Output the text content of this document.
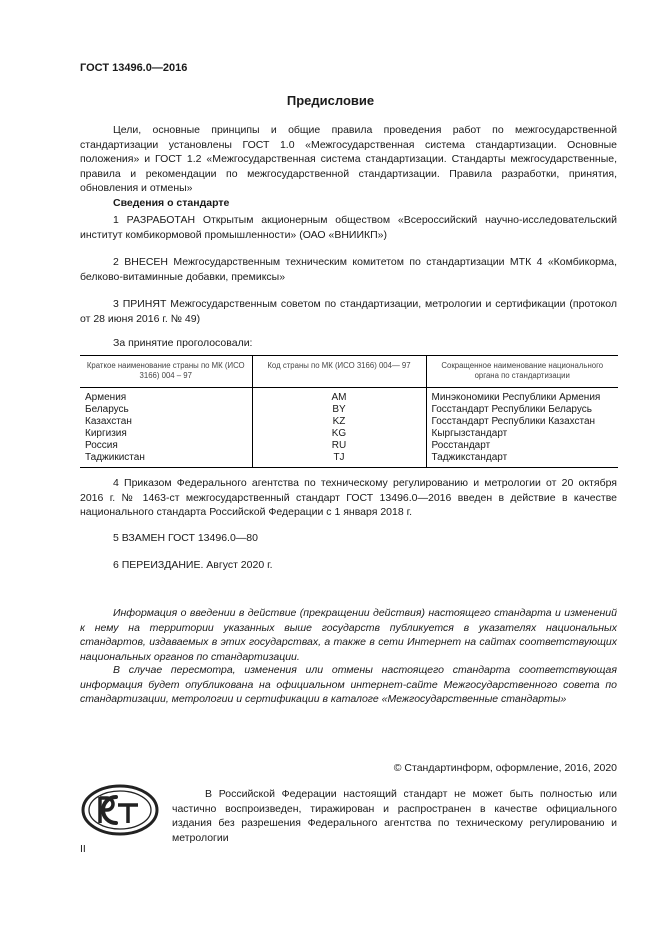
ГОСТ 13496.0—2016
Предисловие
Цели, основные принципы и общие правила проведения работ по межгосударственной стандартизации установлены ГОСТ 1.0 «Межгосударственная система стандартизации. Основные положения» и ГОСТ 1.2 «Межгосударственная система стандартизации. Стандарты межгосударственные, правила и рекомендации по межгосударственной стандартизации. Правила разработки, принятия, обновления и отмены»
Сведения о стандарте
1 РАЗРАБОТАН Открытым акционерным обществом «Всероссийский научно-исследовательский институт комбикормовой промышленности» (ОАО «ВНИИКП»)
2 ВНЕСЕН Межгосударственным техническим комитетом по стандартизации МТК 4 «Комбикорма, белково-витаминные добавки, премиксы»
3 ПРИНЯТ Межгосударственным советом по стандартизации, метрологии и сертификации (протокол от 28 июня 2016 г. № 49)
За принятие проголосовали:
Краткое наименование страны по МК (ИСО 3166) 004 – 97	Код страны по МК (ИСО 3166) 004— 97	Сокращенное наименование национального органа по стандартизации
Армения	AM	Минэкономики Республики Армения
Беларусь	BY	Госстандарт Республики Беларусь
Казахстан	KZ	Госстандарт Республики Казахстан
Киргизия	KG	Кыргызстандарт
Россия	RU	Росстандарт
Таджикистан	TJ	Таджикстандарт
4 Приказом Федерального агентства по техническому регулированию и метрологии от 20 октября 2016 г. № 1463-ст межгосударственный стандарт ГОСТ 13496.0—2016 введен в действие в качестве национального стандарта Российской Федерации с 1 января 2018 г.
5 ВЗАМЕН ГОСТ 13496.0—80
6 ПЕРЕИЗДАНИЕ. Август 2020 г.
Информация о введении в действие (прекращении действия) настоящего стандарта и изменений к нему на территории указанных выше государств публикуется в указателях национальных стандартов, издаваемых в этих государствах, а также в сети Интернет на сайтах соответствующих национальных органов по стандартизации.
В случае пересмотра, изменения или отмены настоящего стандарта соответствующая информация будет опубликована на официальном интернет-сайте Межгосударственного совета по стандартизации, метрологии и сертификации в каталоге «Межгосударственные стандарты»
© Стандартинформ, оформление, 2016, 2020
В Российской Федерации настоящий стандарт не может быть полностью или частично воспроизведен, тиражирован и распространен в качестве официального издания без разрешения Федерального агентства по техническому регулированию и метрологии
II
